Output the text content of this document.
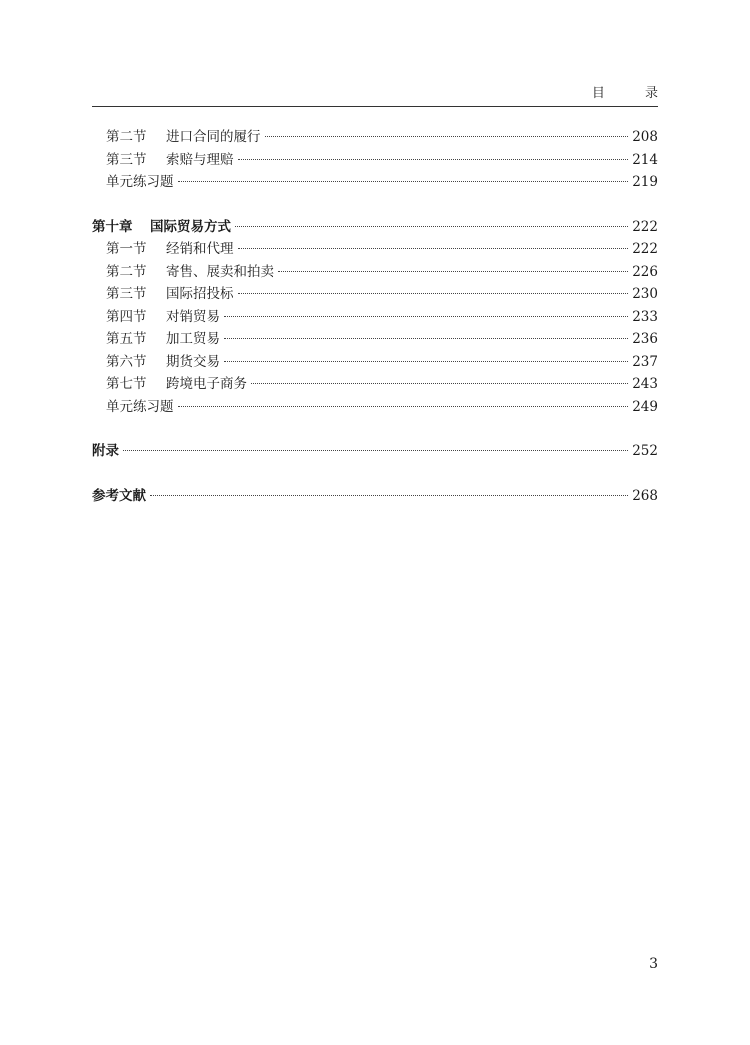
目 录
第二节 进口合同的履行	208
第三节 索赔与理赔	214
单元练习题	219
第十章 国际贸易方式	222
第一节 经销和代理	222
第二节 寄售、展卖和拍卖	226
第三节 国际招投标	230
第四节 对销贸易	233
第五节 加工贸易	236
第六节 期货交易	237
第七节 跨境电子商务	243
单元练习题	249
附录	252
参考文献	268
3
